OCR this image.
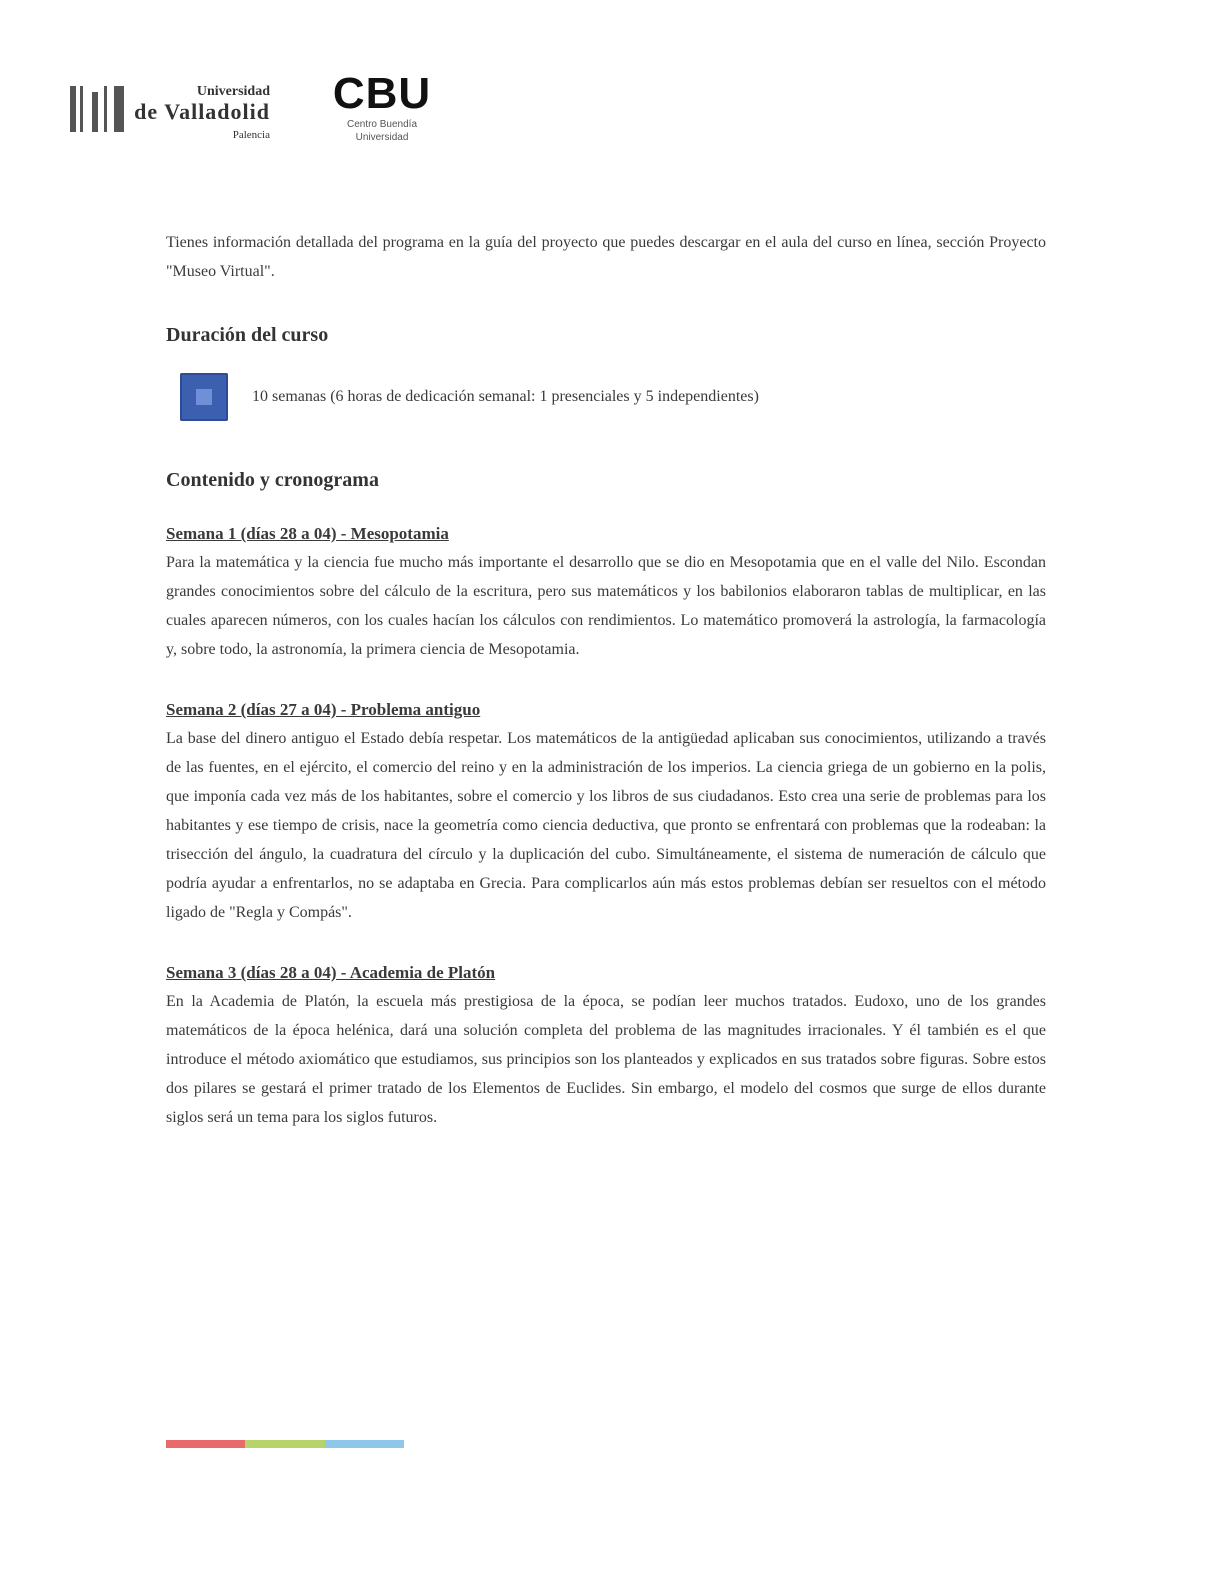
Universidad
de Valladolid
Palencia
CBU
Centro Buendía
Universidad

Tienes información detallada del programa en la guía del proyecto que puedes descargar en el aula del curso en línea, sección Proyecto "Museo Virtual".

Duración del curso
10 semanas (6 horas de dedicación semanal: 1 presenciales y 5 independientes)
Contenido y cronograma

Semana 1 (días 28 a 04) - Mesopotamia

Para la matemática y la ciencia fue mucho más importante el desarrollo que se dio en Mesopotamia que en el valle del Nilo. Escondan grandes conocimientos sobre del cálculo de la escritura, pero sus matemáticos y los babilonios elaboraron tablas de multiplicar, en las cuales aparecen números, con los cuales hacían los cálculos con rendimientos. Lo matemático promoverá la astrología, la farmacología y, sobre todo, la astronomía, la primera ciencia de Mesopotamia.

Semana 2 (días 27 a 04) - Problema antiguo

La base del dinero antiguo el Estado debía respetar. Los matemáticos de la antigüedad aplicaban sus conocimientos, utilizando a través de las fuentes, en el ejército, el comercio del reino y en la administración de los imperios. La ciencia griega de un gobierno en la polis, que imponía cada vez más de los habitantes, sobre el comercio y los libros de sus ciudadanos. Esto crea una serie de problemas para los habitantes y ese tiempo de crisis, nace la geometría como ciencia deductiva, que pronto se enfrentará con problemas que la rodeaban: la trisección del ángulo, la cuadratura del círculo y la duplicación del cubo. Simultáneamente, el sistema de numeración de cálculo que podría ayudar a enfrentarlos, no se adaptaba en Grecia. Para complicarlos aún más estos problemas debían ser resueltos con el método ligado de "Regla y Compás".

Semana 3 (días 28 a 04) - Academia de Platón

En la Academia de Platón, la escuela más prestigiosa de la época, se podían leer muchos tratados. Eudoxo, uno de los grandes matemáticos de la época helénica, dará una solución completa del problema de las magnitudes irracionales. Y él también es el que introduce el método axiomático que estudiamos, sus principios son los planteados y explicados en sus tratados sobre figuras. Sobre estos dos pilares se gestará el primer tratado de los Elementos de Euclides. Sin embargo, el modelo del cosmos que surge de ellos durante siglos será un tema para los siglos futuros.
